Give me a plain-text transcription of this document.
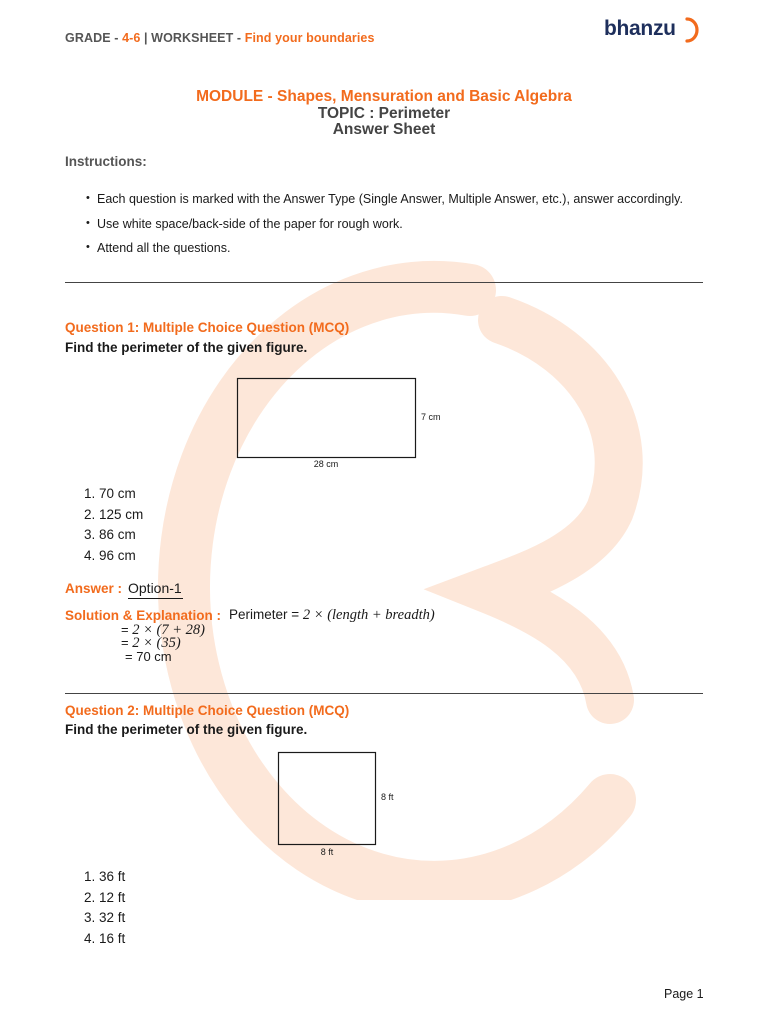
GRADE - 4-6 | WORKSHEET - Find your boundaries	bhanzu
MODULE - Shapes, Mensuration and Basic Algebra
TOPIC : Perimeter
Answer Sheet
Instructions:
• Each question is marked with the Answer Type (Single Answer, Multiple Answer, etc.), answer accordingly.
• Use white space/back-side of the paper for rough work.
• Attend all the questions.
Question 1: Multiple Choice Question (MCQ)
Find the perimeter of the given figure.
7 cm
28 cm
1. 70 cm
2. 125 cm
3. 86 cm
4. 96 cm
Answer : Option-1
Solution & Explanation : Perimeter = 2 × (length + breadth)
= 2 × (7 + 28)
= 2 × (35)
= 70 cm
Question 2: Multiple Choice Question (MCQ)
Find the perimeter of the given figure.
8 ft
8 ft
1. 36 ft
2. 12 ft
3. 32 ft
4. 16 ft
Page 1
